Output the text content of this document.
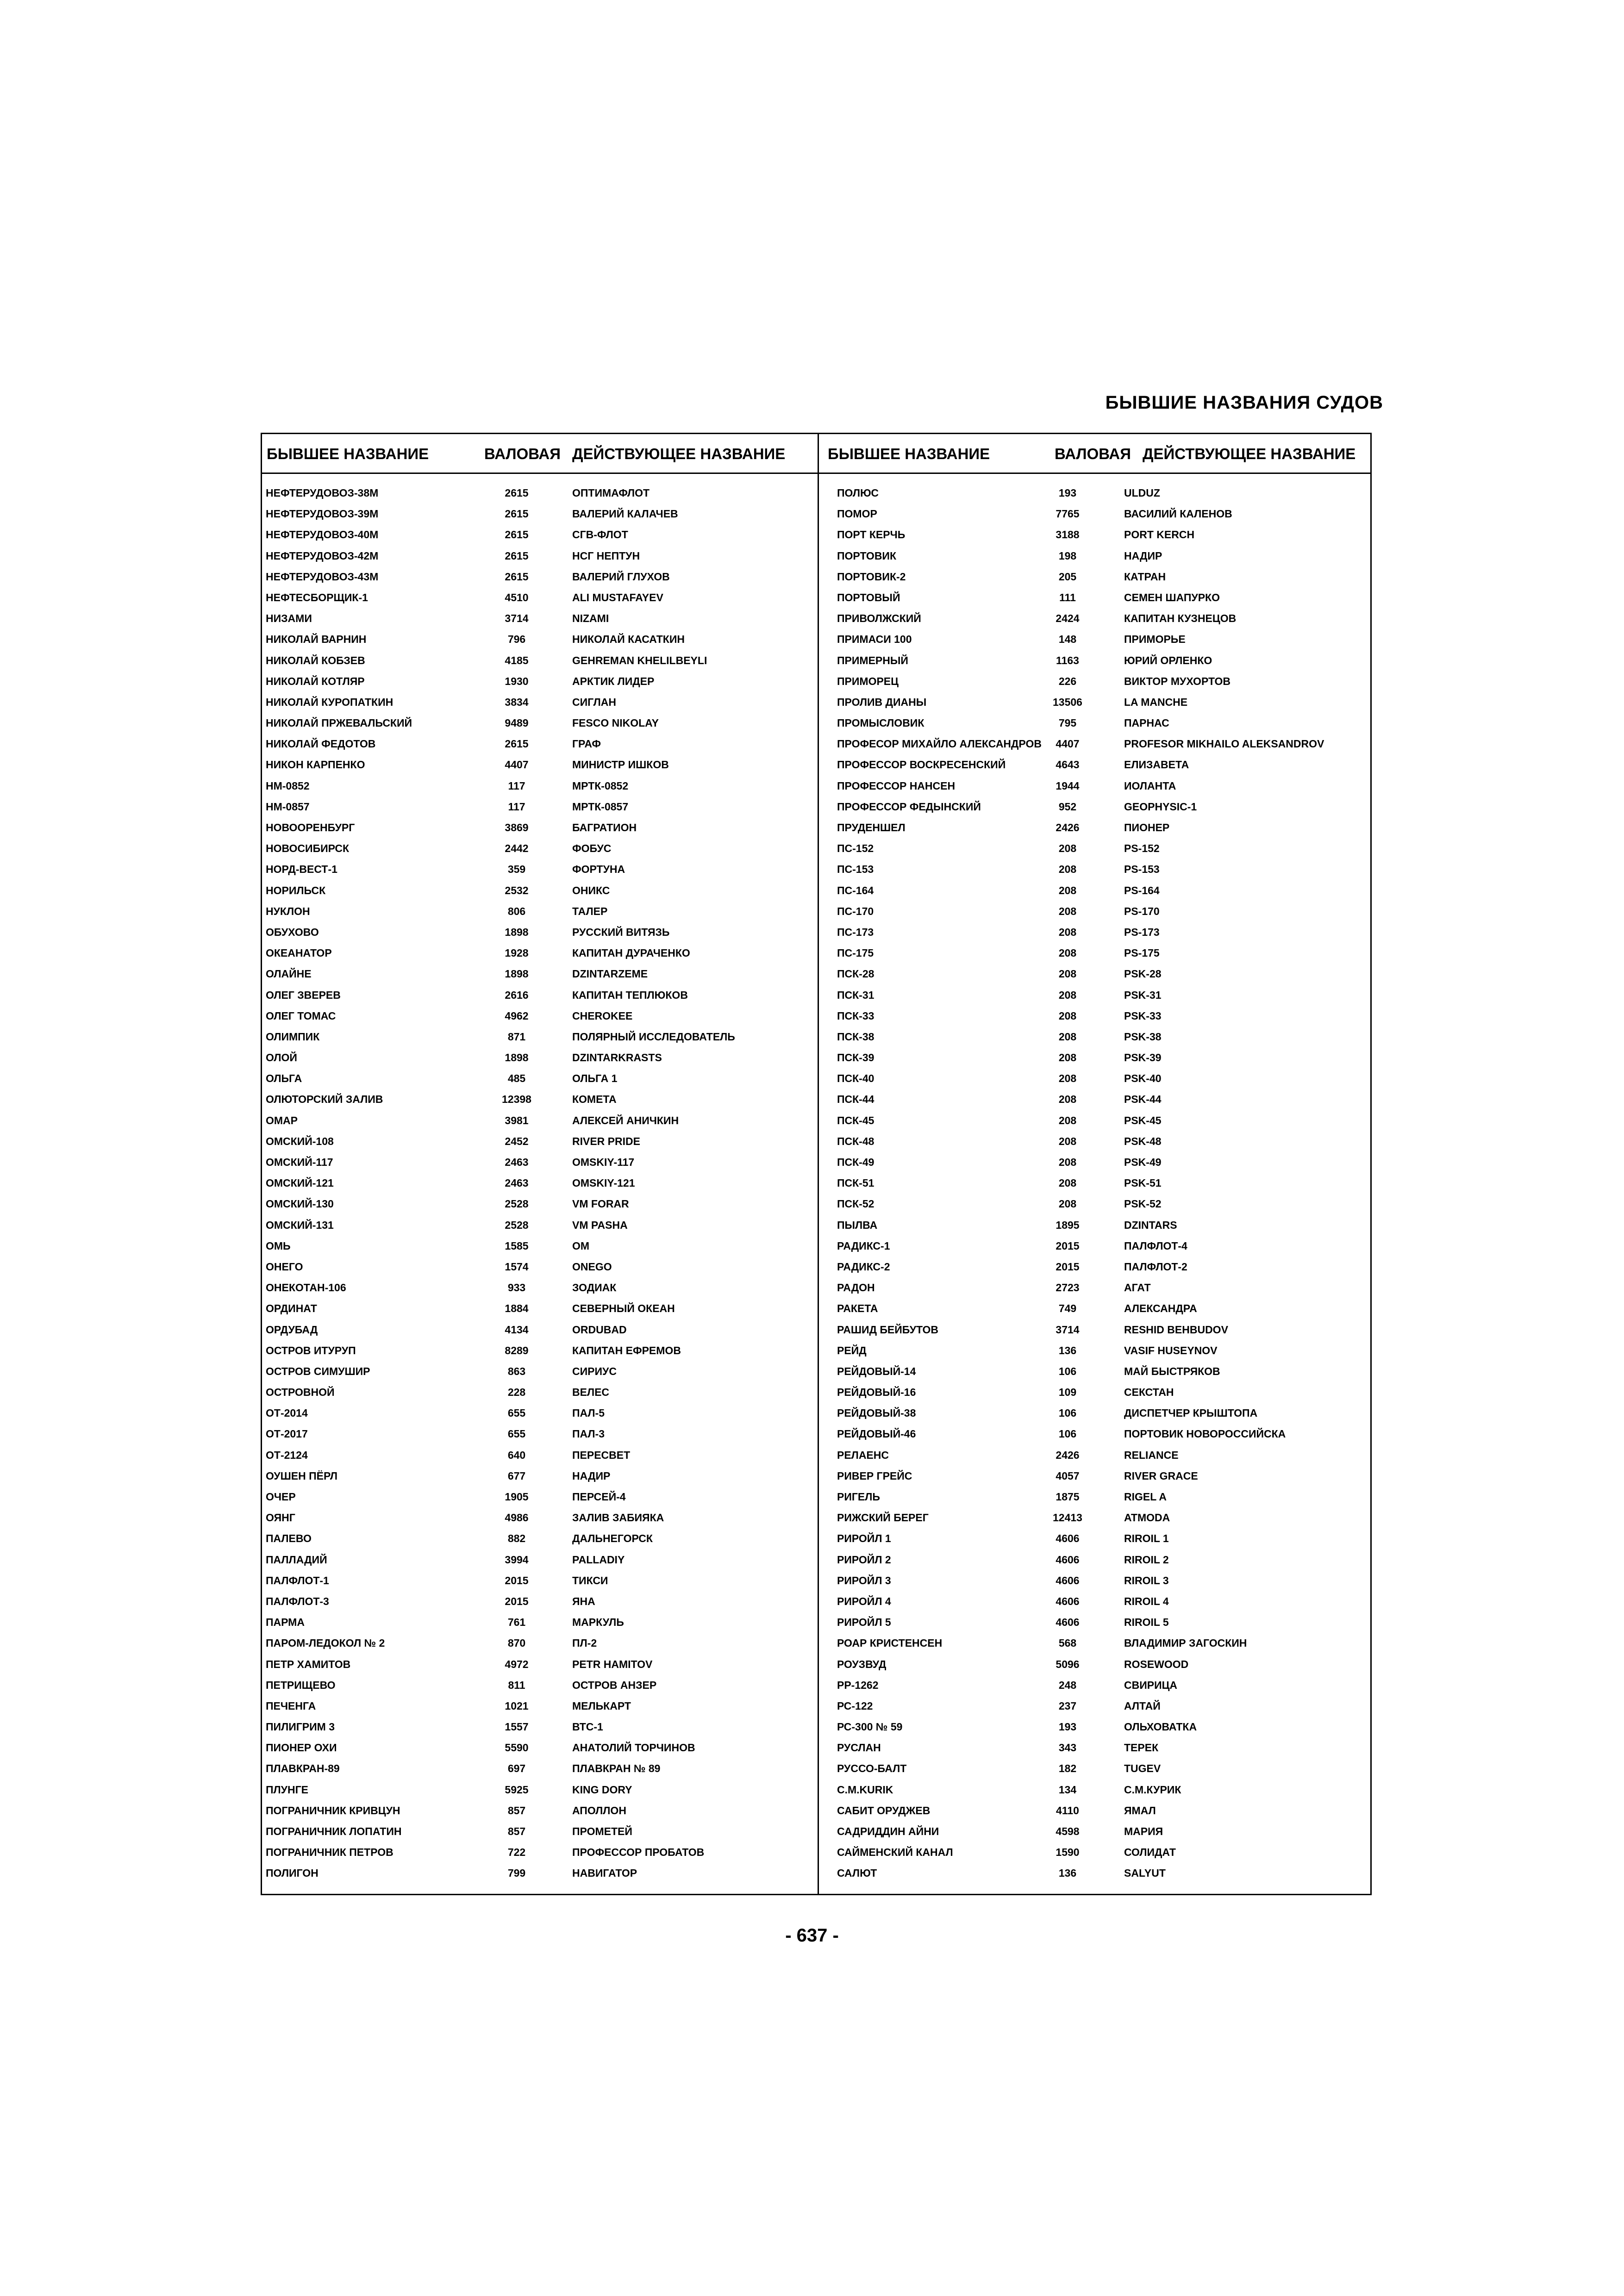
БЫВШИЕ НАЗВАНИЯ СУДОВ
БЫВШЕЕ НАЗВАНИЕ	ВАЛОВАЯ ДЕЙСТВУЮЩЕЕ НАЗВАНИЕ	БЫВШЕЕ НАЗВАНИЕ	ВАЛОВАЯ ДЕЙСТВУЮЩЕЕ НАЗВАНИЕ
НЕФТЕРУДОВОЗ-38М	2615	ОПТИМАФЛОТ
НЕФТЕРУДОВОЗ-39М	2615	ВАЛЕРИЙ КАЛАЧЕВ
НЕФТЕРУДОВОЗ-40М	2615	СГВ-ФЛОТ
НЕФТЕРУДОВОЗ-42М	2615	НСГ НЕПТУН
НЕФТЕРУДОВОЗ-43М	2615	ВАЛЕРИЙ ГЛУХОВ
НЕФТЕСБОРЩИК-1	4510	ALI MUSTAFAYEV
НИЗАМИ	3714	NIZAMI
НИКОЛАЙ ВАРНИН	796	НИКОЛАЙ КАСАТКИН
НИКОЛАЙ КОБЗЕВ	4185	GEHREMAN KHELILBEYLI
НИКОЛАЙ КОТЛЯР	1930	АРКТИК ЛИДЕР
НИКОЛАЙ КУРОПАТКИН	3834	СИГЛАН
НИКОЛАЙ ПРЖЕВАЛЬСКИЙ	9489	FESCO NIKOLAY
НИКОЛАЙ ФЕДОТОВ	2615	ГРАФ
НИКОН КАРПЕНКО	4407	МИНИСТР ИШКОВ
НМ-0852	117	МРТК-0852
НМ-0857	117	МРТК-0857
НОВООРЕНБУРГ	3869	БАГРАТИОН
НОВОСИБИРСК	2442	ФОБУС
НОРД-ВЕСТ-1	359	ФОРТУНА
НОРИЛЬСК	2532	ОНИКС
НУКЛОН	806	ТАЛЕР
ОБУХОВО	1898	РУССКИЙ ВИТЯЗЬ
ОКЕАНАТОР	1928	КАПИТАН ДУРАЧЕНКО
ОЛАЙНЕ	1898	DZINTARZEME
ОЛЕГ ЗВЕРЕВ	2616	КАПИТАН ТЕПЛЮКОВ
ОЛЕГ ТОМАС	4962	CHEROKEE
ОЛИМПИК	871	ПОЛЯРНЫЙ ИССЛЕДОВАТЕЛЬ
ОЛОЙ	1898	DZINTARKRASTS
ОЛЬГА	485	ОЛЬГА 1
ОЛЮТОРСКИЙ ЗАЛИВ	12398	КОМЕТА
ОМАР	3981	АЛЕКСЕЙ АНИЧКИН
ОМСКИЙ-108	2452	RIVER PRIDE
ОМСКИЙ-117	2463	OMSKIY-117
ОМСКИЙ-121	2463	OMSKIY-121
ОМСКИЙ-130	2528	VM FORAR
ОМСКИЙ-131	2528	VM PASHA
ОМЬ	1585	ОМ
ОНЕГО	1574	ONEGO
ОНЕКОТАН-106	933	ЗОДИАК
ОРДИНАТ	1884	СЕВЕРНЫЙ ОКЕАН
ОРДУБАД	4134	ORDUBAD
ОСТРОВ ИТУРУП	8289	КАПИТАН ЕФРЕМОВ
ОСТРОВ СИМУШИР	863	СИРИУС
ОСТРОВНОЙ	228	ВЕЛЕС
ОТ-2014	655	ПАЛ-5
ОТ-2017	655	ПАЛ-3
ОТ-2124	640	ПЕРЕСВЕТ
ОУШЕН ПЁРЛ	677	НАДИР
ОЧЕР	1905	ПЕРСЕЙ-4
ОЯНГ	4986	ЗАЛИВ ЗАБИЯКА
ПАЛЕВО	882	ДАЛЬНЕГОРСК
ПАЛЛАДИЙ	3994	PALLADIY
ПАЛФЛОТ-1	2015	ТИКСИ
ПАЛФЛОТ-3	2015	ЯНА
ПАРМА	761	МАРКУЛЬ
ПАРОМ-ЛЕДОКОЛ № 2	870	ПЛ-2
ПЕТР ХАМИТОВ	4972	PETR HAMITOV
ПЕТРИЩЕВО	811	ОСТРОВ АНЗЕР
ПЕЧЕНГА	1021	МЕЛЬКАРТ
ПИЛИГРИМ 3	1557	ВТС-1
ПИОНЕР ОХИ	5590	АНАТОЛИЙ ТОРЧИНОВ
ПЛАВКРАН-89	697	ПЛАВКРАН № 89
ПЛУНГЕ	5925	KING DORY
ПОГРАНИЧНИК КРИВЦУН	857	АПОЛЛОН
ПОГРАНИЧНИК ЛОПАТИН	857	ПРОМЕТЕЙ
ПОГРАНИЧНИК ПЕТРОВ	722	ПРОФЕССОР ПРОБАТОВ
ПОЛИГОН	799	НАВИГАТОР
ПОЛЮС	193	ULDUZ
ПОМОР	7765	ВАСИЛИЙ КАЛЕНОВ
ПОРТ КЕРЧЬ	3188	PORT KERCH
ПОРТОВИК	198	НАДИР
ПОРТОВИК-2	205	КАТРАН
ПОРТОВЫЙ	111	СЕМЕН ШАПУРКО
ПРИВОЛЖСКИЙ	2424	КАПИТАН КУЗНЕЦОВ
ПРИМАСИ 100	148	ПРИМОРЬЕ
ПРИМЕРНЫЙ	1163	ЮРИЙ ОРЛЕНКО
ПРИМОРЕЦ	226	ВИКТОР МУХОРТОВ
ПРОЛИВ ДИАНЫ	13506	LA MANCHE
ПРОМЫСЛОВИК	795	ПАРНАС
ПРОФЕСОР МИХАЙЛО АЛЕКСАНДРОВ	4407	PROFESOR MIKHAILO ALEKSANDROV
ПРОФЕССОР ВОСКРЕСЕНСКИЙ	4643	ЕЛИЗАВЕТА
ПРОФЕССОР НАНСЕН	1944	ИОЛАНТА
ПРОФЕССОР ФЕДЫНСКИЙ	952	GEOPHYSIC-1
ПРУДЕНШЕЛ	2426	ПИОНЕР
ПС-152	208	PS-152
ПС-153	208	PS-153
ПС-164	208	PS-164
ПС-170	208	PS-170
ПС-173	208	PS-173
ПС-175	208	PS-175
ПСК-28	208	PSK-28
ПСК-31	208	PSK-31
ПСК-33	208	PSK-33
ПСК-38	208	PSK-38
ПСК-39	208	PSK-39
ПСК-40	208	PSK-40
ПСК-44	208	PSK-44
ПСК-45	208	PSK-45
ПСК-48	208	PSK-48
ПСК-49	208	PSK-49
ПСК-51	208	PSK-51
ПСК-52	208	PSK-52
ПЫЛВА	1895	DZINTARS
РАДИКС-1	2015	ПАЛФЛОТ-4
РАДИКС-2	2015	ПАЛФЛОТ-2
РАДОН	2723	АГАТ
РАКЕТА	749	АЛЕКСАНДРА
РАШИД БЕЙБУТОВ	3714	RESHID BEHBUDOV
РЕЙД	136	VASIF HUSEYNOV
РЕЙДОВЫЙ-14	106	МАЙ БЫСТРЯКОВ
РЕЙДОВЫЙ-16	109	СЕКСТАН
РЕЙДОВЫЙ-38	106	ДИСПЕТЧЕР КРЫШТОПА
РЕЙДОВЫЙ-46	106	ПОРТОВИК НОВОРОССИЙСКА
РЕЛАЕНС	2426	RELIANCE
РИВЕР ГРЕЙС	4057	RIVER GRACE
РИГЕЛЬ	1875	RIGEL A
РИЖСКИЙ БЕРЕГ	12413	ATMODA
РИРОЙЛ 1	4606	RIROIL 1
РИРОЙЛ 2	4606	RIROIL 2
РИРОЙЛ 3	4606	RIROIL 3
РИРОЙЛ 4	4606	RIROIL 4
РИРОЙЛ 5	4606	RIROIL 5
РОАР КРИСТЕНСЕН	568	ВЛАДИМИР ЗАГОСКИН
РОУЗВУД	5096	ROSEWOOD
РР-1262	248	СВИРИЦА
РС-122	237	АЛТАЙ
РС-300 № 59	193	ОЛЬХОВАТКА
РУСЛАН	343	ТЕРЕК
РУССО-БАЛТ	182	TUGEV
С.М.KURIK	134	С.М.КУРИК
САБИТ ОРУДЖЕВ	4110	ЯМАЛ
САДРИДДИН АЙНИ	4598	МАРИЯ
САЙМЕНСКИЙ КАНАЛ	1590	СОЛИДАТ
САЛЮТ	136	SALYUT
- 637 -
